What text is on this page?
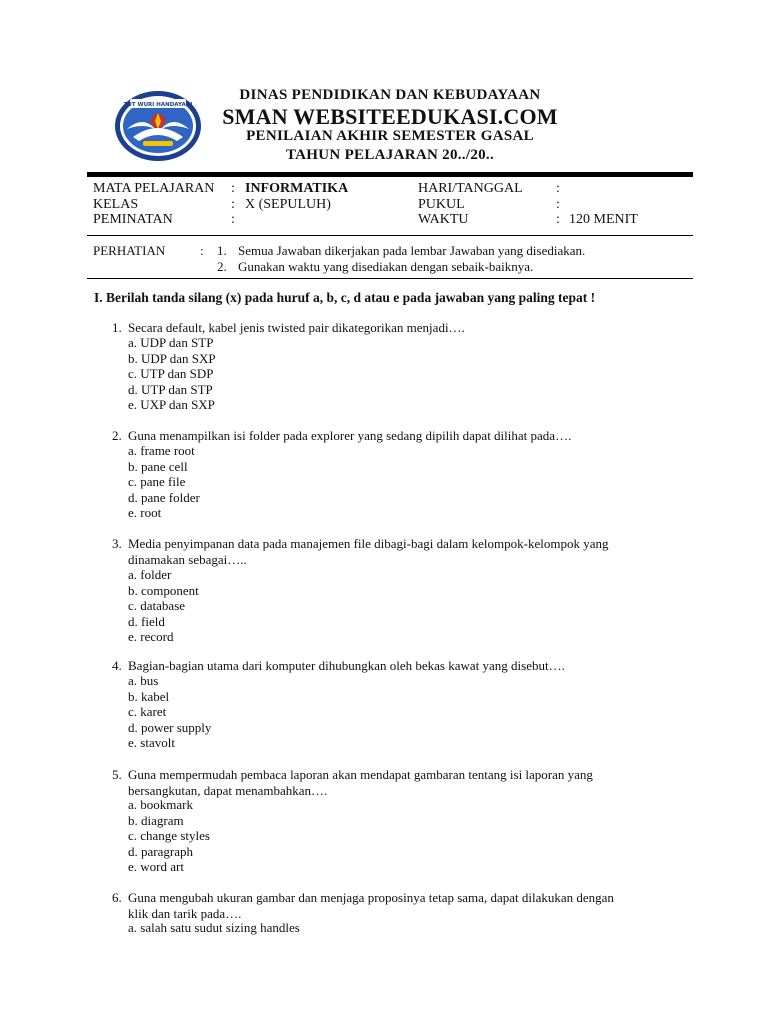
TUT WURI HANDAYANI
DINAS PENDIDIKAN DAN KEBUDAYAAN
SMAN WEBSITEEDUKASI.COM
PENILAIAN AKHIR SEMESTER GASAL
TAHUN PELAJARAN 20../20..
MATA PELAJARAN : INFORMATIKA
KELAS	: X (SEPULUH)
PEMINATAN	:
HARI/TANGGAL :
PUKUL	:
WAKTU	: 120 MENIT
PERHATIAN	: 1. Semua Jawaban dikerjakan pada lembar Jawaban yang disediakan.
2. Gunakan waktu yang disediakan dengan sebaik-baiknya.
I. Berilah tanda silang (x) pada huruf a, b, c, d atau e pada jawaban yang paling tepat !
1. Secara default, kabel jenis twisted pair dikategorikan menjadi….
a. UDP dan STP
b. UDP dan SXP
c. UTP dan SDP
d. UTP dan STP
e. UXP dan SXP
2. Guna menampilkan isi folder pada explorer yang sedang dipilih dapat dilihat pada….
a. frame root
b. pane cell
c. pane file
d. pane folder
e. root
3. Media penyimpanan data pada manajemen file dibagi-bagi dalam kelompok-kelompok yang
dinamakan sebagai…..
a. folder
b. component
c. database
d. field
e. record
4. Bagian-bagian utama dari komputer dihubungkan oleh bekas kawat yang disebut….
a. bus
b. kabel
c. karet
d. power supply
e. stavolt
5. Guna mempermudah pembaca laporan akan mendapat gambaran tentang isi laporan yang
bersangkutan, dapat menambahkan….
a. bookmark
b. diagram
c. change styles
d. paragraph
e. word art
6. Guna mengubah ukuran gambar dan menjaga proposinya tetap sama, dapat dilakukan dengan
klik dan tarik pada….
a. salah satu sudut sizing handles
